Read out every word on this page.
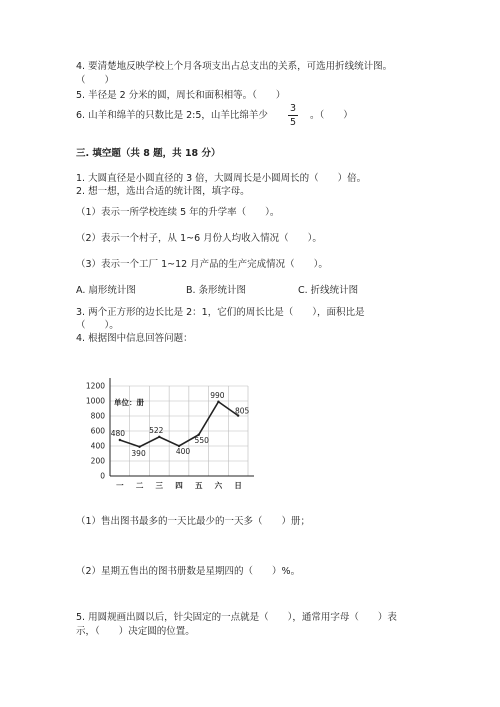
4. 要清楚地反映学校上个月各项支出占总支出的关系，可选用折线统计图。
（　　）
5. 半径是 2 分米的圆，周长和面积相等。（　　）
6. 山羊和绵羊的只数比是 2:5，山羊比绵羊少
3
5
。（　　）
三. 填空题（共 8 题，共 18 分）
1. 大圆直径是小圆直径的 3 倍，大圆周长是小圆周长的（　　）倍。
2. 想一想，选出合适的统计图，填字母。
（1）表示一所学校连续 5 年的升学率（　　）。
（2）表示一个村子，从 1~6 月份人均收入情况（　　）。
（3）表示一个工厂 1~12 月产品的生产完成情况（　　）。
A. 扇形统计图	B. 条形统计图	C. 折线统计图
3. 两个正方形的边长比是 2：1，它们的周长比是（　　），面积比是
（　　）。
4. 根据图中信息回答问题：
0
200
400
600
800
1000
1200
一 二 三 四 五 六 日
480
390
522
400
550
990
805
单位：册
（1）售出图书最多的一天比最少的一天多（　　）册；
（2）星期五售出的图书册数是星期四的（　　）%。
5. 用圆规画出圆以后，针尖固定的一点就是（　　），通常用字母（　　）表
示，（　　）决定圆的位置。
